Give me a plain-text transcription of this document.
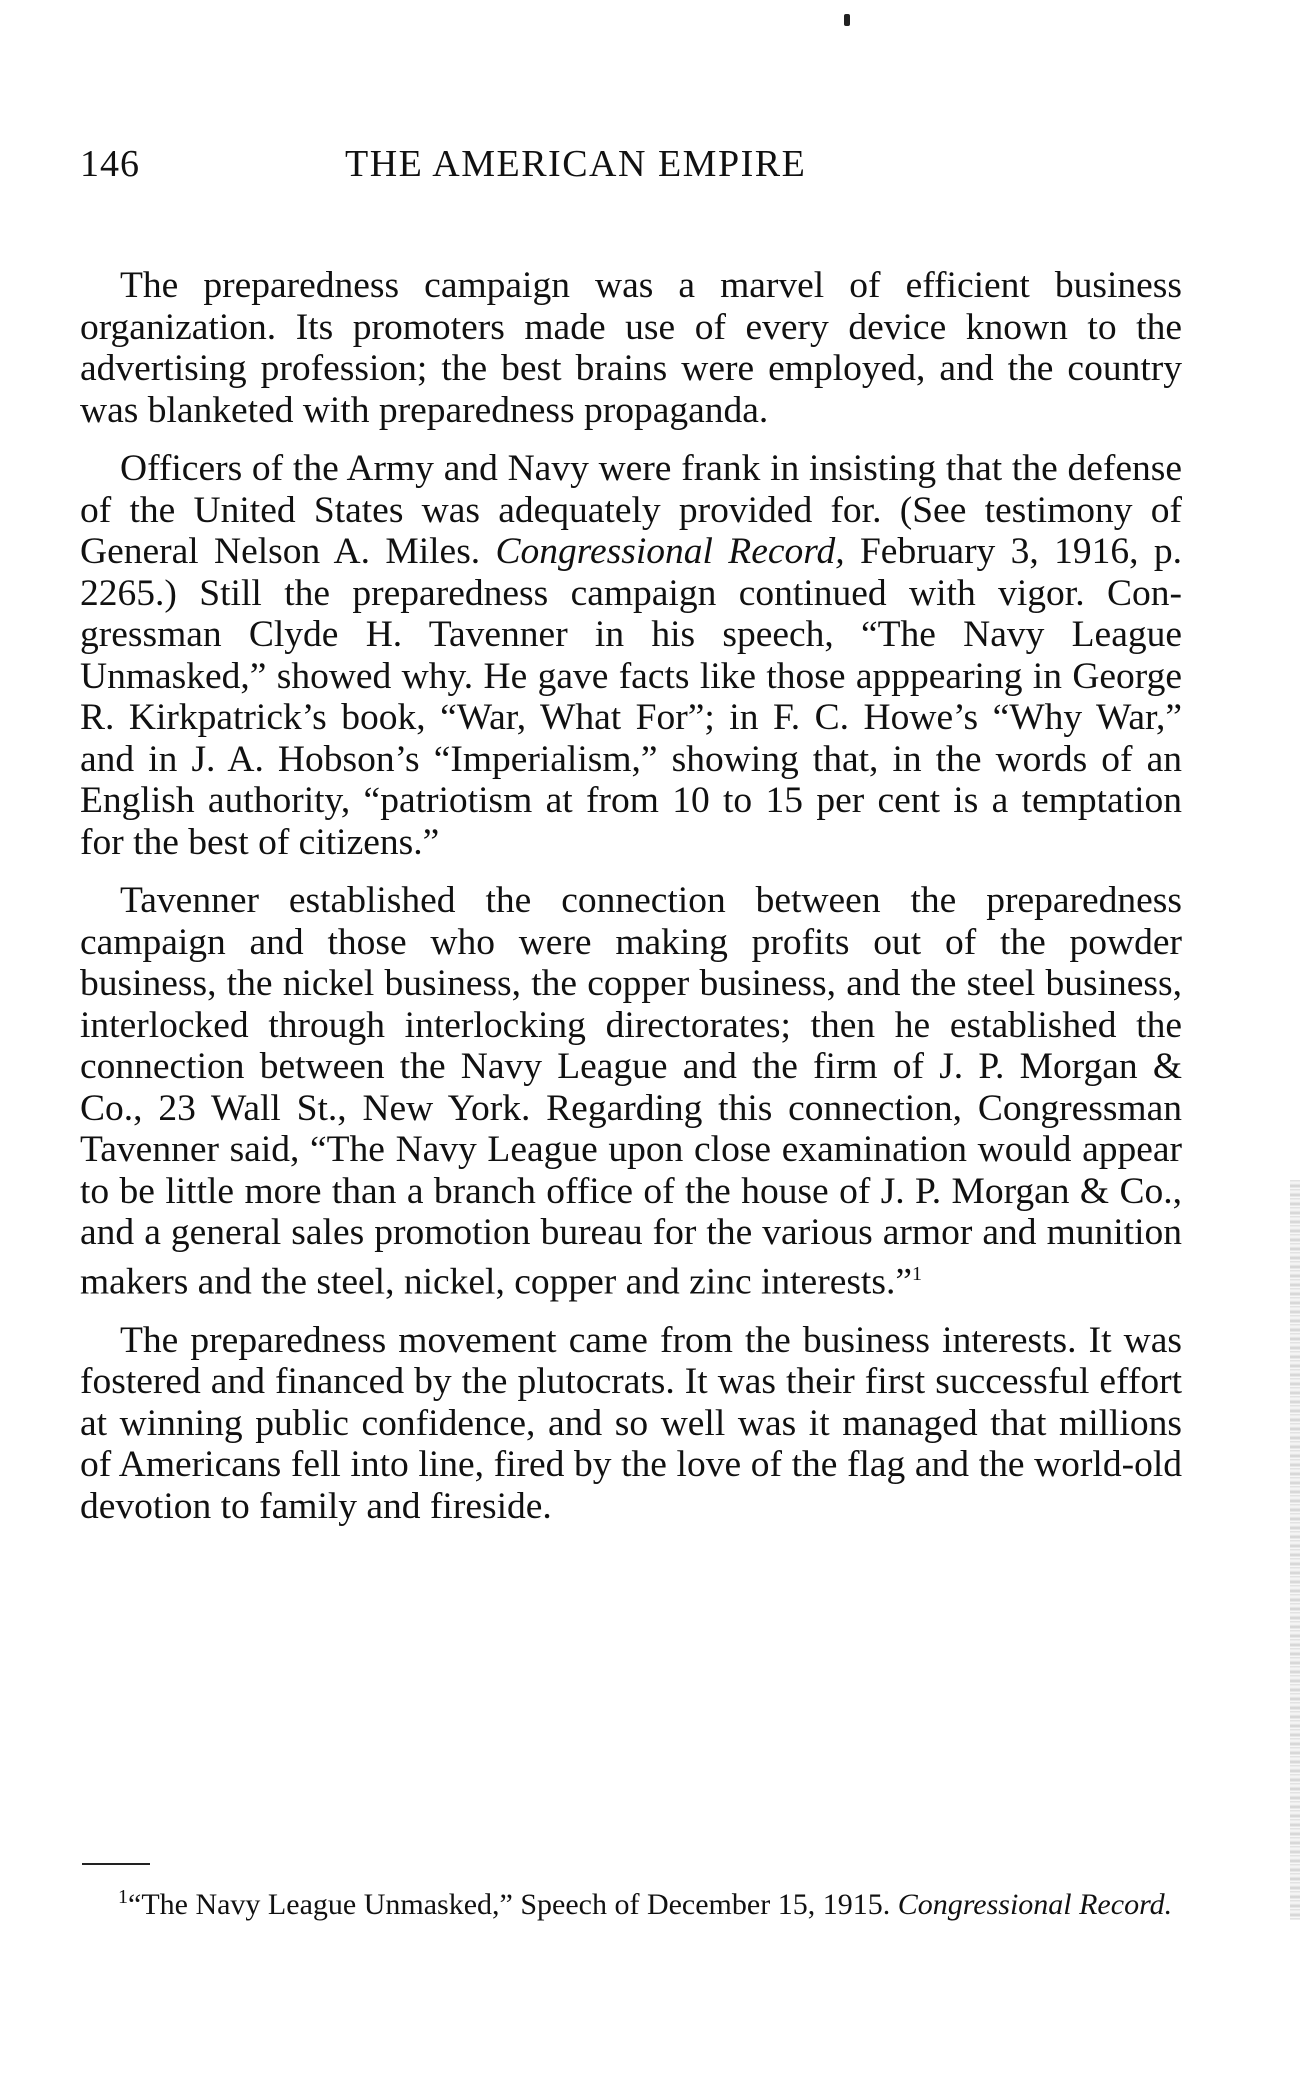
146	THE AMERICAN EMPIRE

The preparedness campaign was a marvel of efficient business organization. Its promoters made use of every device known to the advertising profession; the best brains were employed, and the country was blanketed with preparedness propaganda.

Officers of the Army and Navy were frank in insisting that the defense of the United States was adequately provided for. (See testimony of General Nelson A. Miles. Congressional Record, February 3, 1916, p. 2265.) Still the preparedness campaign continued with vigor. Congressman Clyde H. Tavenner in his speech, “The Navy League Unmasked,” showed why. He gave facts like those apppearing in George R. Kirkpatrick’s book, “War, What For”; in F. C. Howe’s “Why War,” and in J. A. Hobson’s “Imperialism,” showing that, in the words of an English authority, “patriotism at from 10 to 15 per cent is a temptation for the best of citizens.”

Tavenner established the connection between the preparedness campaign and those who were making profits out of the powder business, the nickel business, the copper business, and the steel business, interlocked through interlocking directorates; then he established the connection between the Navy League and the firm of J. P. Morgan & Co., 23 Wall St., New York. Regarding this connection, Congressman Tavenner said, “The Navy League upon close examination would appear to be little more than a branch office of the house of J. P. Morgan & Co., and a general sales promotion bureau for the various armor and munition makers and the steel, nickel, copper and zinc interests.”$^1$

The preparedness movement came from the business interests. It was fostered and financed by the plutocrats. It was their first successful effort at winning public confidence, and so well was it managed that millions of Americans fell into line, fired by the love of the flag and the world-old devotion to family and fireside.

$^1$“The Navy League Unmasked,” Speech of December 15, 1915. Congressional Record.
